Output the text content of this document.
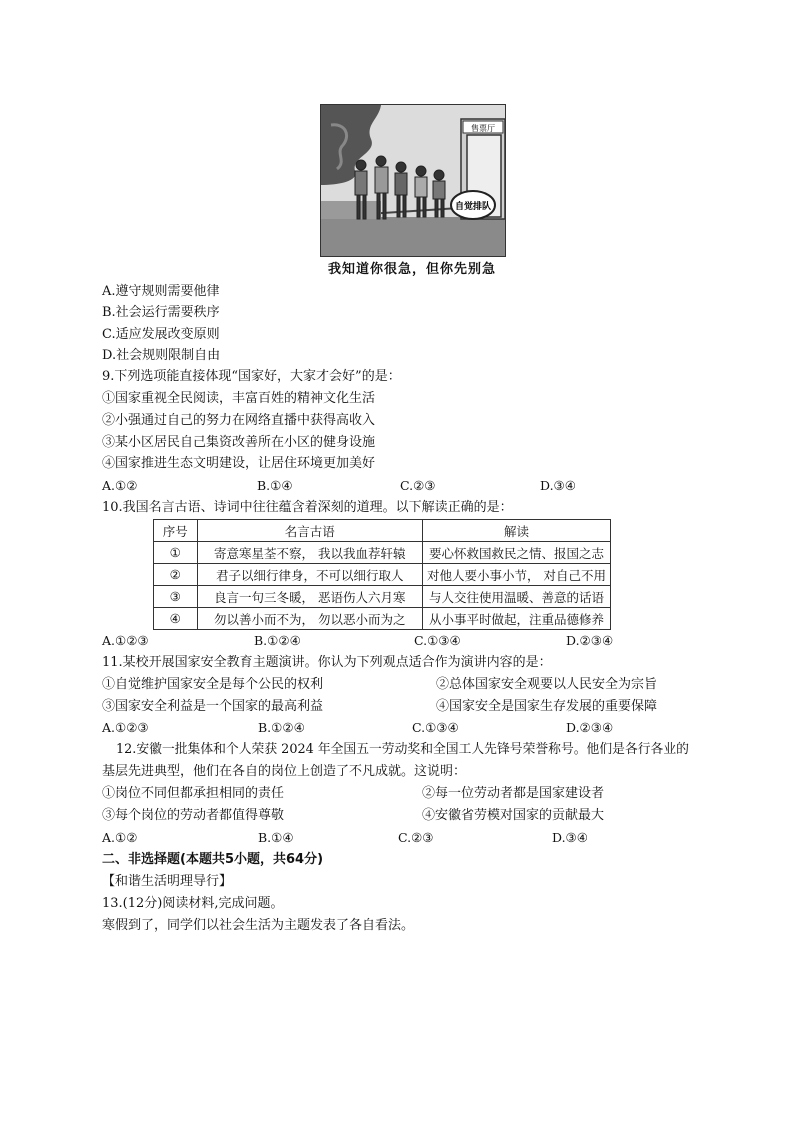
售票厅
自觉排队
我知道你很急，但你先别急
A.遵守规则需要他律
B.社会运行需要秩序
C.适应发展改变原则
D.社会规则限制自由
9.下列选项能直接体现“国家好，大家才会好”的是：
①国家重视全民阅读，丰富百姓的精神文化生活
②小强通过自己的努力在网络直播中获得高收入
③某小区居民自己集资改善所在小区的健身设施
④国家推进生态文明建设，让居住环境更加美好
A.①②	B.①④	C.②③	D.③④
10.我国名言古语、诗词中往往蕴含着深刻的道理。以下解读正确的是：
序号	名言古语	解读
①	寄意寒星荃不察， 我以我血荐轩辕	要心怀救国救民之情、报国之志
②	君子以细行律身，不可以细行取人	对他人要小事小节， 对自己不用
③	良言一句三冬暖， 恶语伤人六月寒	与人交往使用温暖、善意的话语
④	勿以善小而不为， 勿以恶小而为之	从小事平时做起，注重品德修养
A.①②③	B.①②④	C.①③④	D.②③④
11.某校开展国家安全教育主题演讲。你认为下列观点适合作为演讲内容的是：
①自觉维护国家安全是每个公民的权利	②总体国家安全观要以人民安全为宗旨
③国家安全利益是一个国家的最高利益	④国家安全是国家生存发展的重要保障
A.①②③	B.①②④	C.①③④	D.②③④
12.安徽一批集体和个人荣获 2024 年全国五一劳动奖和全国工人先锋号荣誉称号。他们是各行各业的
基层先进典型，他们在各自的岗位上创造了不凡成就。这说明：
①岗位不同但都承担相同的责任	②每一位劳动者都是国家建设者
③每个岗位的劳动者都值得尊敬	④安徽省劳模对国家的贡献最大
A.①②	B.①④	C.②③	D.③④
二、非选择题(本题共5小题，共64分)
【和谐生活明理导行】
13.(12分)阅读材料,完成问题。
寒假到了，同学们以社会生活为主题发表了各自看法。
